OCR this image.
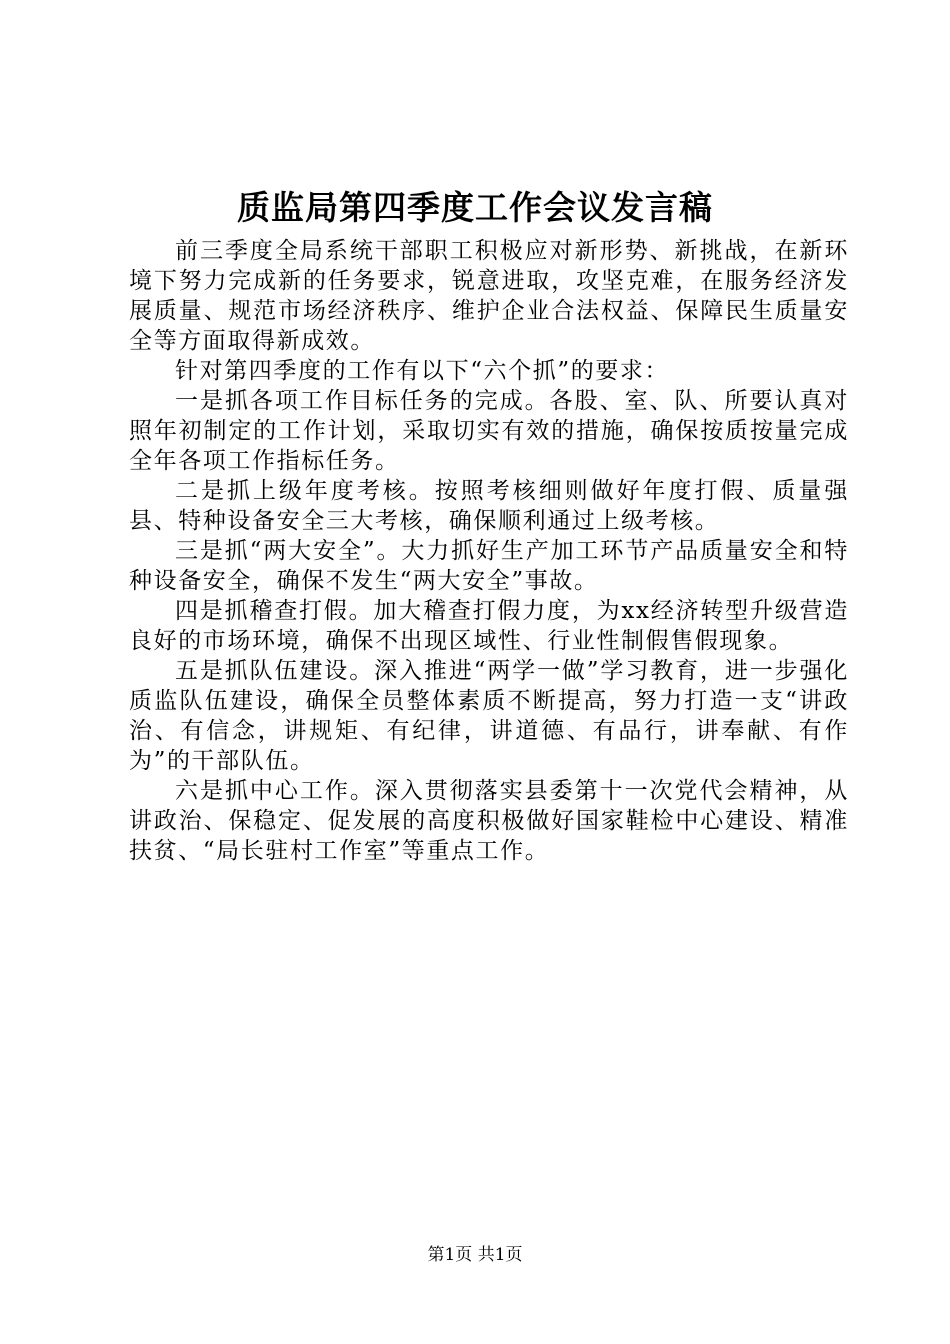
质监局第四季度工作会议发言稿

前三季度全局系统干部职工积极应对新形势、新挑战，在新环境下努力完成新的任务要求，锐意进取，攻坚克难，在服务经济发展质量、规范市场经济秩序、维护企业合法权益、保障民生质量安全等方面取得新成效。

针对第四季度的工作有以下“六个抓”的要求：

一是抓各项工作目标任务的完成。各股、室、队、所要认真对照年初制定的工作计划，采取切实有效的措施，确保按质按量完成全年各项工作指标任务。

二是抓上级年度考核。按照考核细则做好年度打假、质量强县、特种设备安全三大考核，确保顺利通过上级考核。

三是抓“两大安全”。大力抓好生产加工环节产品质量安全和特种设备安全，确保不发生“两大安全”事故。

四是抓稽查打假。加大稽查打假力度，为xx经济转型升级营造良好的市场环境，确保不出现区域性、行业性制假售假现象。

五是抓队伍建设。深入推进“两学一做”学习教育，进一步强化质监队伍建设，确保全员整体素质不断提高，努力打造一支“讲政治、有信念，讲规矩、有纪律，讲道德、有品行，讲奉献、有作为”的干部队伍。

六是抓中心工作。深入贯彻落实县委第十一次党代会精神，从讲政治、保稳定、促发展的高度积极做好国家鞋检中心建设、精准扶贫、“局长驻村工作室”等重点工作。

第1页 共1页
